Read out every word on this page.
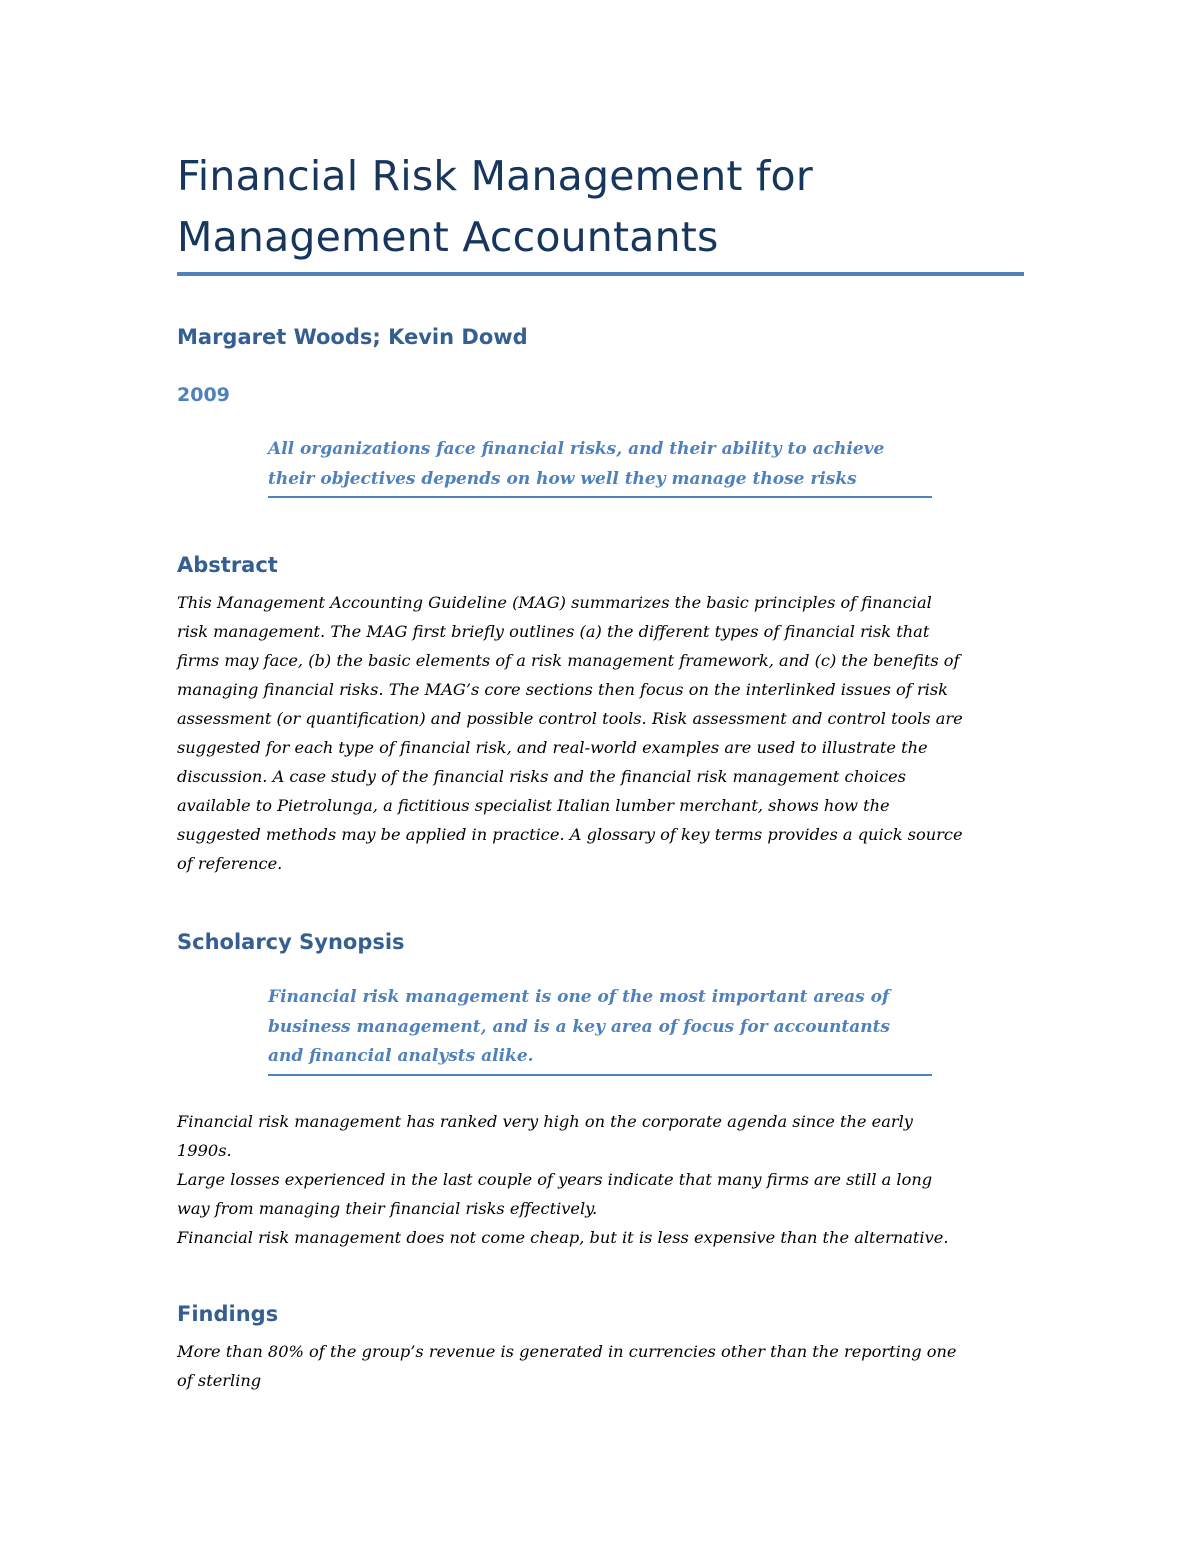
Financial Risk Management for
Management Accountants
Margaret Woods; Kevin Dowd
2009
All organizations face financial risks, and their ability to achieve
their objectives depends on how well they manage those risks
Abstract
This Management Accounting Guideline (MAG) summarizes the basic principles of financial
risk management. The MAG first briefly outlines (a) the different types of financial risk that
firms may face, (b) the basic elements of a risk management framework, and (c) the benefits of
managing financial risks. The MAG’s core sections then focus on the interlinked issues of risk
assessment (or quantification) and possible control tools. Risk assessment and control tools are
suggested for each type of financial risk, and real-world examples are used to illustrate the
discussion. A case study of the financial risks and the financial risk management choices
available to Pietrolunga, a fictitious specialist Italian lumber merchant, shows how the
suggested methods may be applied in practice. A glossary of key terms provides a quick source
of reference.
Scholarcy Synopsis
Financial risk management is one of the most important areas of
business management, and is a key area of focus for accountants
and financial analysts alike.
Financial risk management has ranked very high on the corporate agenda since the early
1990s.
Large losses experienced in the last couple of years indicate that many firms are still a long
way from managing their financial risks effectively.
Financial risk management does not come cheap, but it is less expensive than the alternative.
Findings
More than 80% of the group’s revenue is generated in currencies other than the reporting one
of sterling
